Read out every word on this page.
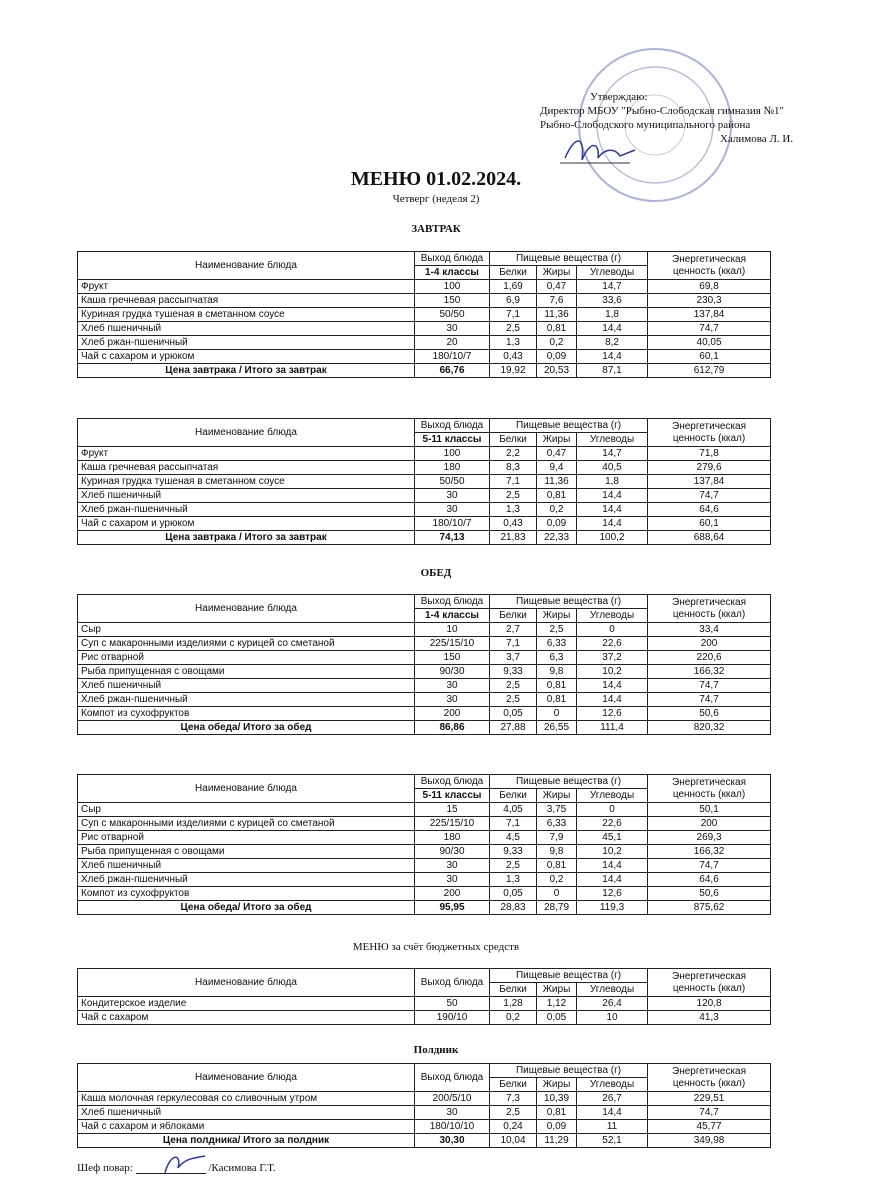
Утверждаю:
Директор МБОУ "Рыбно-Слободская гимназия №1"
Рыбно-Слободского муниципального района
Халимова Л. И.
МЕНЮ 01.02.2024.
Четверг (неделя 2)
ЗАВТРАК
ОБЕД
МЕНЮ за счёт бюджетных средств
Полдник
Наименование блюда	Выход блюда	Пищевые вещества (г)			Энергетическая
ценность (ккал)

	1-4 классы	Белки	Жиры	Углеводы	
Фрукт	100	1,69	0,47	14,7	69,8
Каша гречневая рассыпчатая	150	6,9	7,6	33,6	230,3
Куриная грудка тушеная в сметанном соусе	50/50	7,1	11,36	1,8	137,84
Хлеб пшеничный	30	2,5	0,81	14,4	74,7
Хлеб ржан-пшеничный	20	1,3	0,2	8,2	40,05
Чай с сахаром и урюком	180/10/7	0,43	0,09	14,4	60,1
Цена завтрака / Итого за завтрак	66,76	19,92	20,53	87,1	612,79
Наименование блюда	Выход блюда	Пищевые вещества (г)			Энергетическая
ценность (ккал)

	5-11 классы	Белки	Жиры	Углеводы	
Фрукт	100	2,2	0,47	14,7	71,8
Каша гречневая рассыпчатая	180	8,3	9,4	40,5	279,6
Куриная грудка тушеная в сметанном соусе	50/50	7,1	11,36	1,8	137,84
Хлеб пшеничный	30	2,5	0,81	14,4	74,7
Хлеб ржан-пшеничный	30	1,3	0,2	14,4	64,6
Чай с сахаром и урюком	180/10/7	0,43	0,09	14,4	60,1
Цена завтрака / Итого за завтрак	74,13	21,83	22,33	100,2	688,64
Наименование блюда	Выход блюда	Пищевые вещества (г)			Энергетическая
ценность (ккал)

	1-4 классы	Белки	Жиры	Углеводы	
Сыр	10	2,7	2,5	0	33,4
Суп с макаронными изделиями с курицей со сметаной	225/15/10	7,1	6,33	22,6	200
Рис отварной	150	3,7	6,3	37,2	220,6
Рыба припущенная с овощами	90/30	9,33	9,8	10,2	166,32
Хлеб пшеничный	30	2,5	0,81	14,4	74,7
Хлеб ржан-пшеничный	30	2,5	0,81	14,4	74,7
Компот из сухофруктов	200	0,05	0	12,6	50,6
Цена обеда/ Итого за обед	86,86	27,88	26,55	111,4	820,32
Наименование блюда	Выход блюда	Пищевые вещества (г)			Энергетическая
ценность (ккал)

	5-11 классы	Белки	Жиры	Углеводы	
Сыр	15	4,05	3,75	0	50,1
Суп с макаронными изделиями с курицей со сметаной	225/15/10	7,1	6,33	22,6	200
Рис отварной	180	4,5	7,9	45,1	269,3
Рыба припущенная с овощами	90/30	9,33	9,8	10,2	166,32
Хлеб пшеничный	30	2,5	0,81	14,4	74,7
Хлеб ржан-пшеничный	30	1,3	0,2	14,4	64,6
Компот из сухофруктов	200	0,05	0	12,6	50,6
Цена обеда/ Итого за обед	95,95	28,83	28,79	119,3	875,62
Наименование блюда	Выход блюда	Пищевые вещества (г)			Энергетическая
ценность (ккал)

		Белки	Жиры	Углеводы	
Кондитерское изделие	50	1,28	1,12	26,4	120,8
Чай с сахаром	190/10	0,2	0,05	10	41,3
Наименование блюда	Выход блюда	Пищевые вещества (г)			Энергетическая
ценность (ккал)

		Белки	Жиры	Углеводы	
Каша молочная геркулесовая со сливочным утром	200/5/10	7,3	10,39	26,7	229,51
Хлеб пшеничный	30	2,5	0,81	14,4	74,7
Чай с сахаром и яблоками	180/10/10	0,24	0,09	11	45,77
Цена полдника/ Итого за полдник	30,30	10,04	11,29	52,1	349,98
Шеф повар:	/Касимова Г.Т.
